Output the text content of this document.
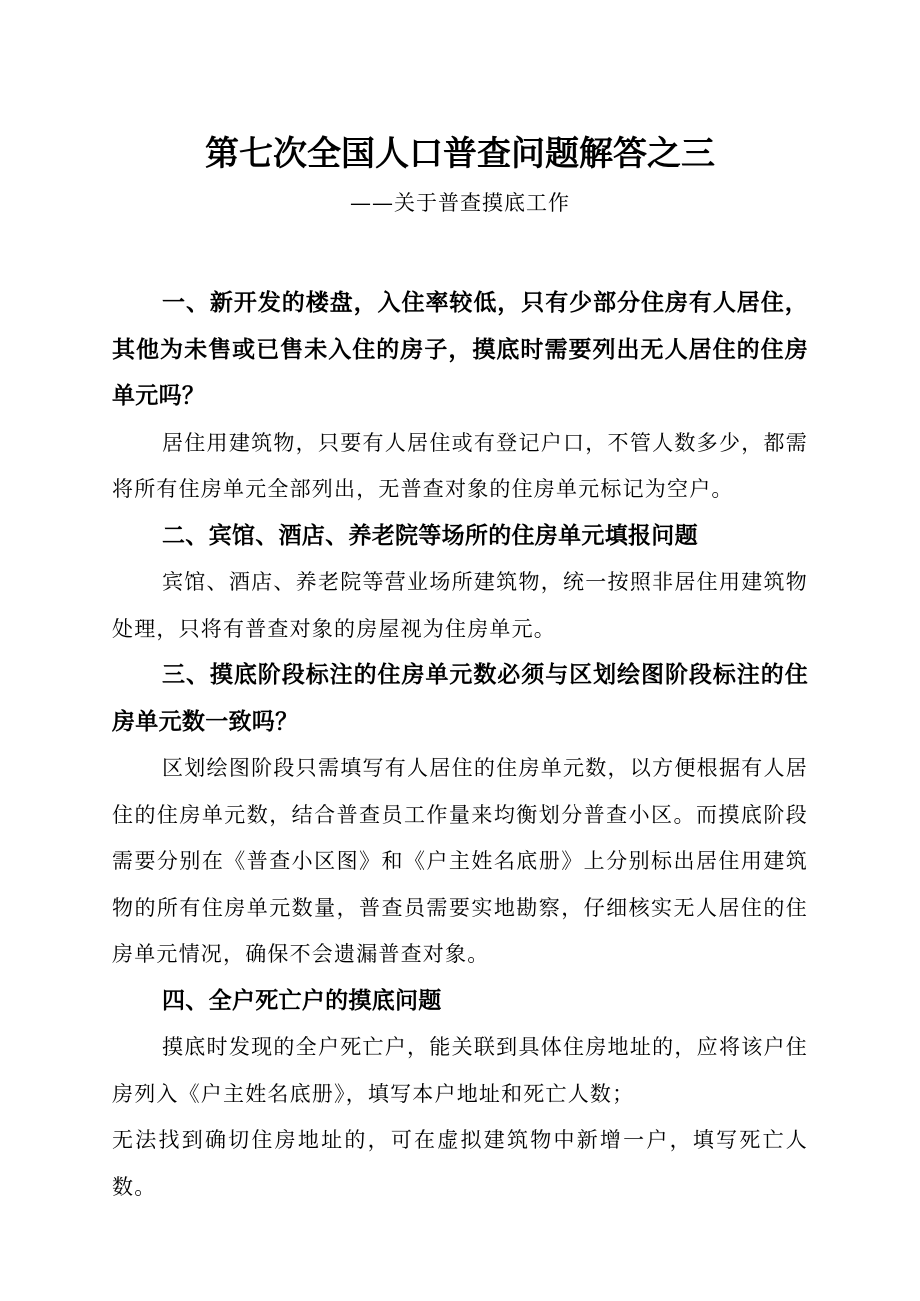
第七次全国人口普查问题解答之三
——关于普查摸底工作

一、新开发的楼盘，入住率较低，只有少部分住房有人居住，其他为未售或已售未入住的房子，摸底时需要列出无人居住的住房单元吗？

居住用建筑物，只要有人居住或有登记户口，不管人数多少，都需将所有住房单元全部列出，无普查对象的住房单元标记为空户。

二、宾馆、酒店、养老院等场所的住房单元填报问题

宾馆、酒店、养老院等营业场所建筑物，统一按照非居住用建筑物处理，只将有普查对象的房屋视为住房单元。

三、摸底阶段标注的住房单元数必须与区划绘图阶段标注的住房单元数一致吗？

区划绘图阶段只需填写有人居住的住房单元数，以方便根据有人居住的住房单元数，结合普查员工作量来均衡划分普查小区。而摸底阶段需要分别在《普查小区图》和《户主姓名底册》上分别标出居住用建筑物的所有住房单元数量，普查员需要实地勘察，仔细核实无人居住的住房单元情况，确保不会遗漏普查对象。

四、全户死亡户的摸底问题

摸底时发现的全户死亡户，能关联到具体住房地址的，应将该户住房列入《户主姓名底册》，填写本户地址和死亡人数；

无法找到确切住房地址的，可在虚拟建筑物中新增一户，填写死亡人数。
